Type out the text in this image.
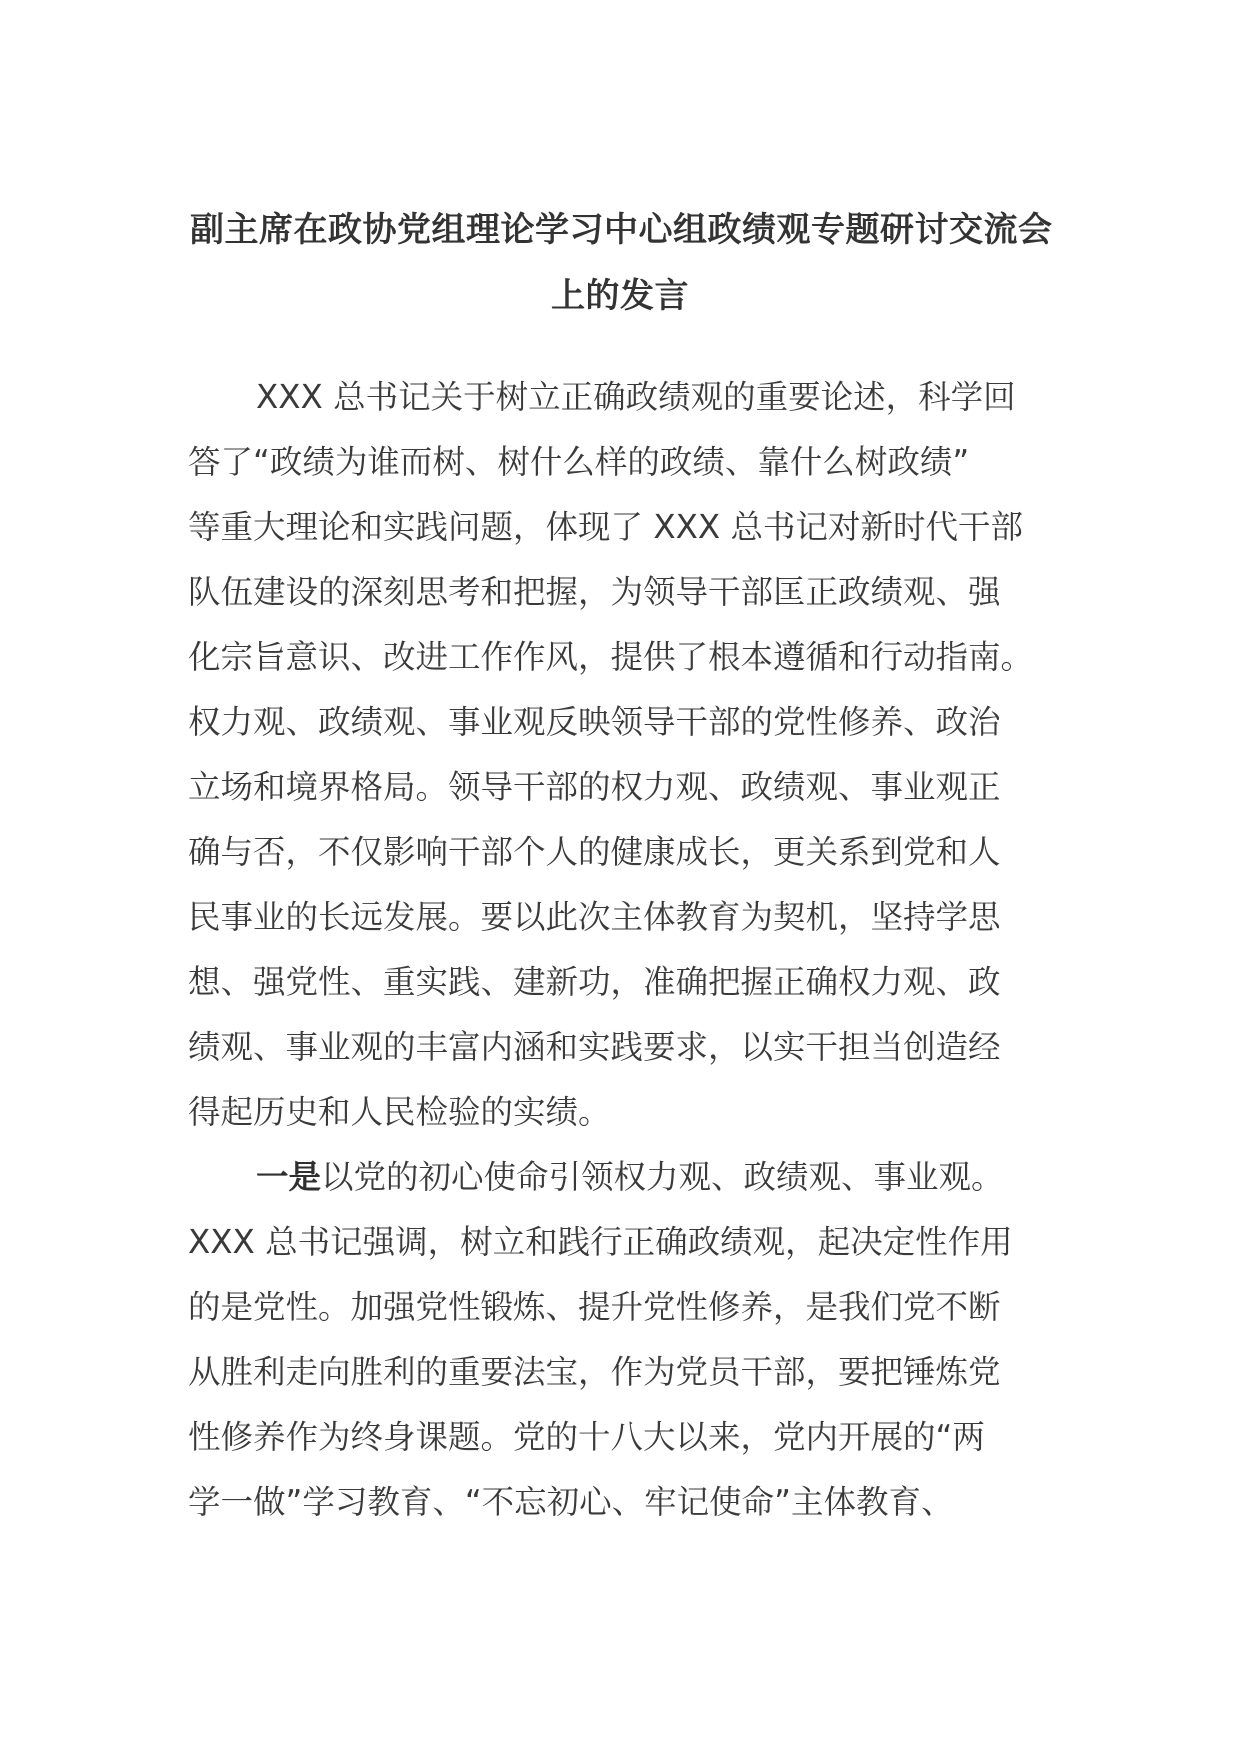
副主席在政协党组理论学习中心组政绩观专题研讨交流会
上的发言
XXX 总书记关于树立正确政绩观的重要论述，科学回
答了“政绩为谁而树、树什么样的政绩、靠什么树政绩”
等重大理论和实践问题，体现了 XXX 总书记对新时代干部
队伍建设的深刻思考和把握，为领导干部匡正政绩观、强
化宗旨意识、改进工作作风，提供了根本遵循和行动指南。
权力观、政绩观、事业观反映领导干部的党性修养、政治
立场和境界格局。领导干部的权力观、政绩观、事业观正
确与否，不仅影响干部个人的健康成长，更关系到党和人
民事业的长远发展。要以此次主体教育为契机，坚持学思
想、强党性、重实践、建新功，准确把握正确权力观、政
绩观、事业观的丰富内涵和实践要求，以实干担当创造经
得起历史和人民检验的实绩。
一是以党的初心使命引领权力观、政绩观、事业观。
XXX 总书记强调，树立和践行正确政绩观，起决定性作用
的是党性。加强党性锻炼、提升党性修养，是我们党不断
从胜利走向胜利的重要法宝，作为党员干部，要把锤炼党
性修养作为终身课题。党的十八大以来，党内开展的“两
学一做”学习教育、“不忘初心、牢记使命”主体教育、
